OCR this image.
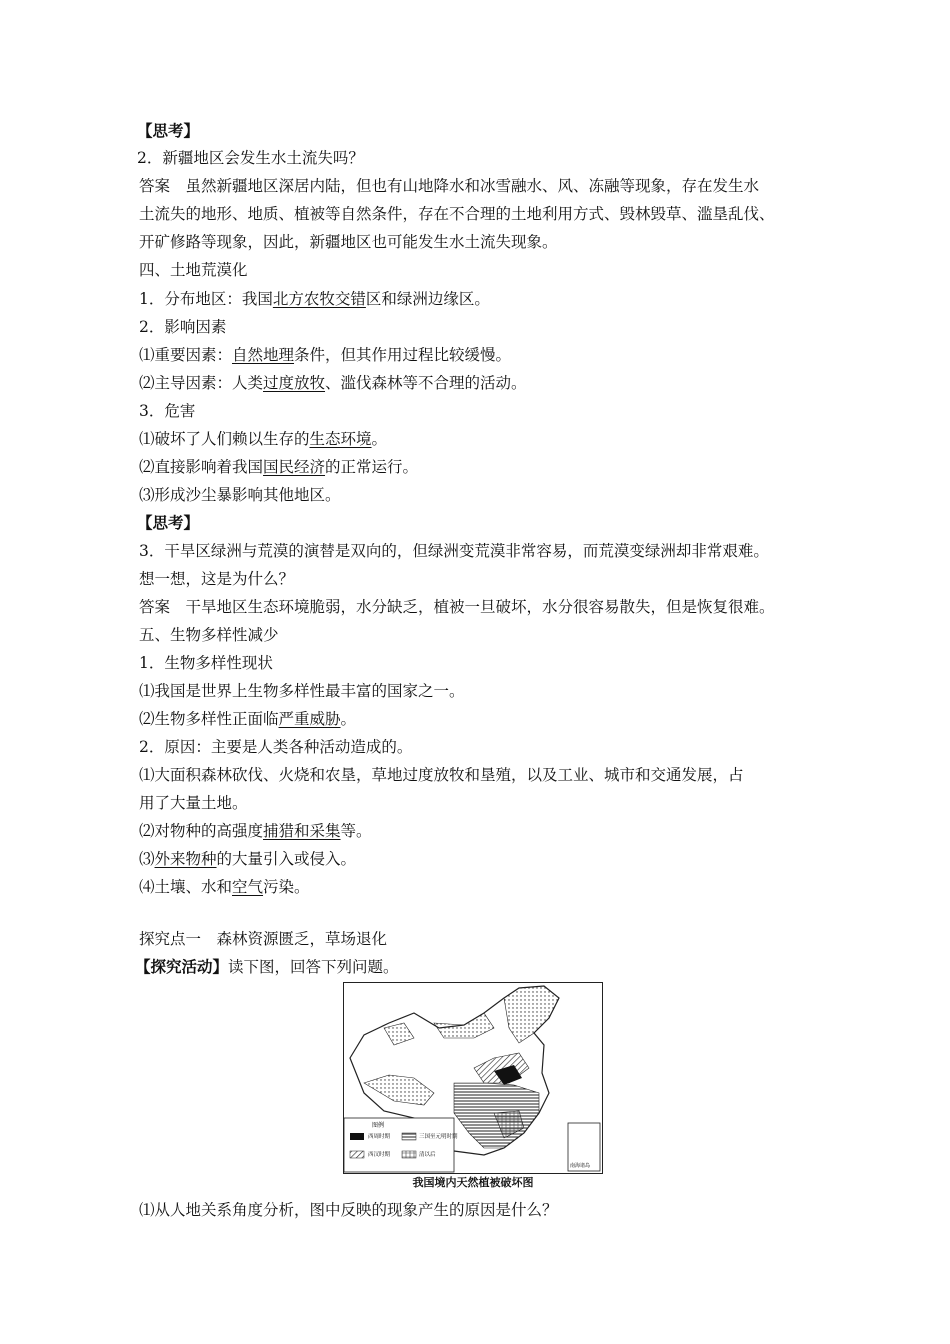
【思考】
2．新疆地区会发生水土流失吗？
答案　虽然新疆地区深居内陆，但也有山地降水和冰雪融水、风、冻融等现象，存在发生水
土流失的地形、地质、植被等自然条件，存在不合理的土地利用方式、毁林毁草、滥垦乱伐、
开矿修路等现象，因此，新疆地区也可能发生水土流失现象。
四、土地荒漠化
1．分布地区：我国北方农牧交错区和绿洲边缘区。
2．影响因素
⑴重要因素：自然地理条件，但其作用过程比较缓慢。
⑵主导因素：人类过度放牧、滥伐森林等不合理的活动。
3．危害
⑴破坏了人们赖以生存的生态环境。
⑵直接影响着我国国民经济的正常运行。
⑶形成沙尘暴影响其他地区。
【思考】
3．干旱区绿洲与荒漠的演替是双向的，但绿洲变荒漠非常容易，而荒漠变绿洲却非常艰难。
想一想，这是为什么？
答案　干旱地区生态环境脆弱，水分缺乏，植被一旦破坏，水分很容易散失，但是恢复很难。
五、生物多样性减少
1．生物多样性现状
⑴我国是世界上生物多样性最丰富的国家之一。
⑵生物多样性正面临严重威胁。
2．原因：主要是人类各种活动造成的。
⑴大面积森林砍伐、火烧和农垦，草地过度放牧和垦殖，以及工业、城市和交通发展，占
用了大量土地。
⑵对物种的高强度捕猎和采集等。
⑶外来物种的大量引入或侵入。
⑷土壤、水和空气污染。
探究点一　森林资源匮乏，草场退化
【探究活动】读下图，回答下列问题。
⑴从人地关系角度分析，图中反映的现象产生的原因是什么？
图例
西周时期	三国至元明时期
西汉时期	清以后
南海诸岛
我国境内天然植被破坏图
